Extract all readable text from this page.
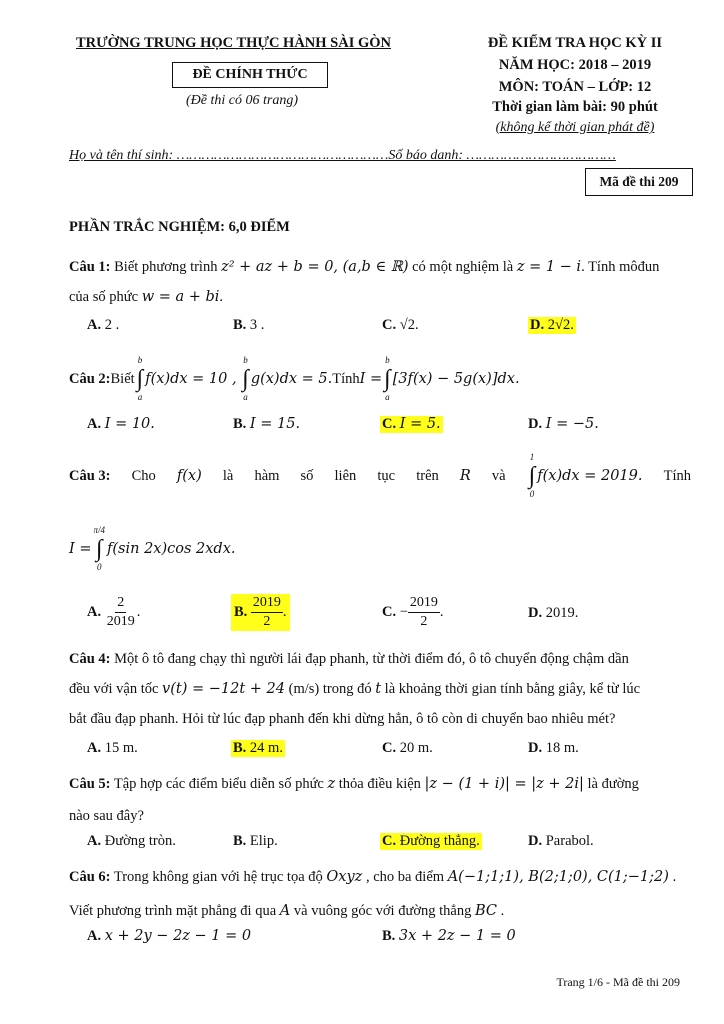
TRƯỜNG TRUNG HỌC THỰC HÀNH SÀI GÒN
ĐỀ CHÍNH THỨC
(Đề thi có 06 trang)
ĐỀ KIỂM TRA HỌC KỲ II
NĂM HỌC: 2018 – 2019
MÔN: TOÁN – LỚP: 12
Thời gian làm bài: 90 phút
(không kể thời gian phát đề)
Họ và tên thí sinh: ……………………………………………Số báo danh: ………………………………
Mã đề thi 209
PHẦN TRẮC NGHIỆM: 6,0 ĐIỂM
Câu 1: Biết phương trình z² + az + b = 0, (a,b ∈ ℝ) có một nghiệm là z = 1 − i. Tính môđun
của số phức w = a + bi.
A. 2 .	B. 3 .	C. √2.	D. 2√2.
Câu 2: Biết
b
∫
a
f(x)dx = 10 ,

b
∫
a
g(x)dx = 5. Tính I =
b
∫
a
[3f(x) − 5g(x)]dx.
A. I = 10.	B. I = 15.	C. I = 5.	D. I = −5.
Câu 3: Cho f(x) là hàm số liên tục trên R và
1
∫
0
f(x)dx = 2019. Tính
I =
π/4
∫
0
f(sin 2x)cos 2xdx.
A.
$\frac{2}{2019}$ .	B.
$\frac{2019}{2}$ .	C.
− $\frac{2019}{2}$ .	D. 2019.
Câu 4: Một ô tô đang chạy thì người lái đạp phanh, từ thời điểm đó, ô tô chuyển động chậm dần
đều với vận tốc v(t) = −12t + 24 (m/s) trong đó t là khoảng thời gian tính bằng giây, kể từ lúc
bắt đầu đạp phanh. Hỏi từ lúc đạp phanh đến khi dừng hẳn, ô tô còn di chuyển bao nhiêu mét?
A. 15 m.	B. 24 m.	C. 20 m.	D. 18 m.
Câu 5: Tập hợp các điểm biểu diễn số phức z thỏa điều kiện |z − (1 + i)| = |z + 2i| là đường
nào sau đây?
A. Đường tròn.	B. Elip.	C. Đường thẳng.	D. Parabol.
Câu 6: Trong không gian với hệ trục tọa độ Oxyz , cho ba điểm A(−1;1;1), B(2;1;0), C(1;−1;2) .
Viết phương trình mặt phẳng đi qua A và vuông góc với đường thẳng BC .
A. x + 2y − 2z − 1 = 0	B. 3x + 2z − 1 = 0
Trang 1/6 - Mã đề thi 209
